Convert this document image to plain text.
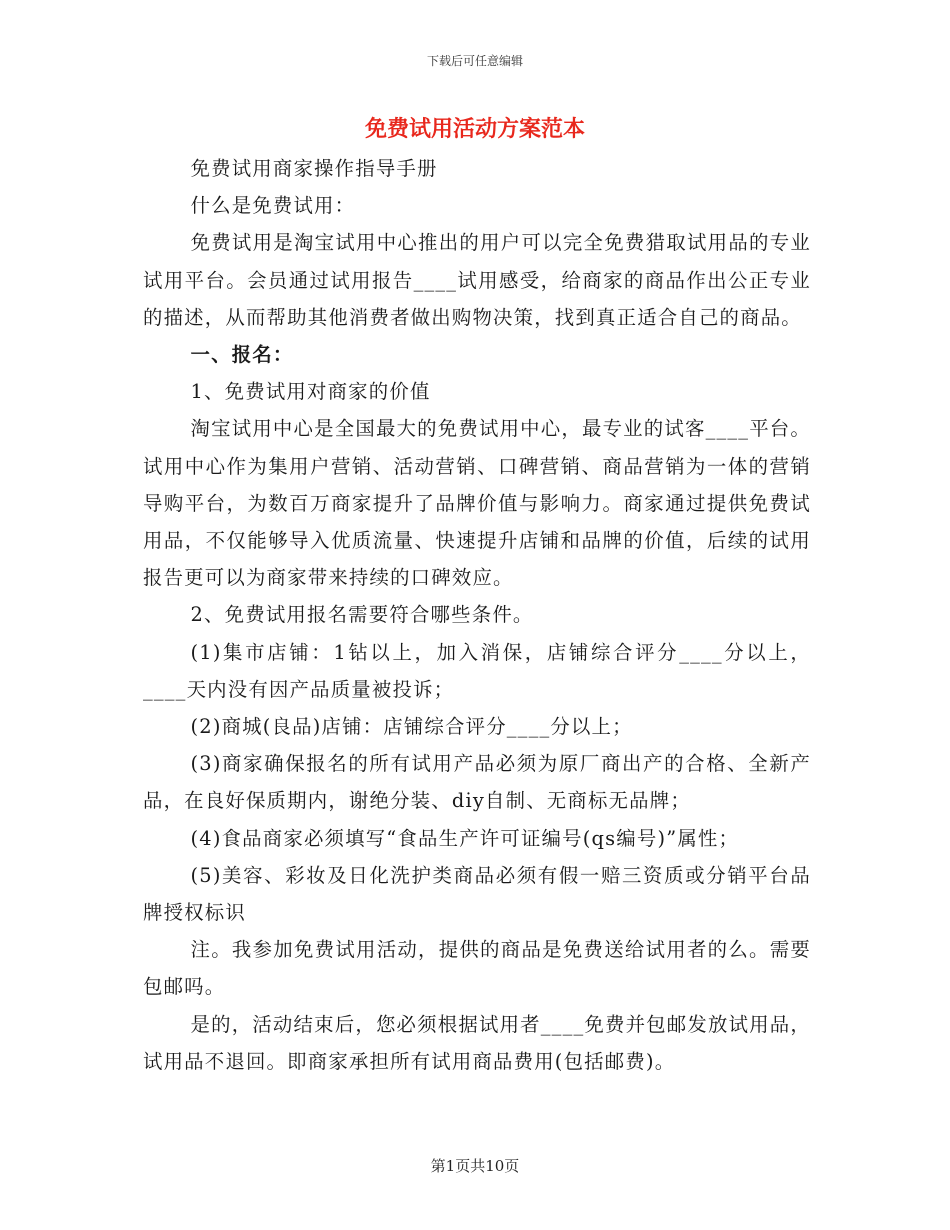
下载后可任意编辑
免费试用活动方案范本

免费试用商家操作指导手册

什么是免费试用：

免费试用是淘宝试用中心推出的用户可以完全免费猎取试用品的专业试用平台。会员通过试用报告____试用感受，给商家的商品作出公正专业的描述，从而帮助其他消费者做出购物决策，找到真正适合自己的商品。

一、报名：

1、免费试用对商家的价值

淘宝试用中心是全国最大的免费试用中心，最专业的试客____平台。试用中心作为集用户营销、活动营销、口碑营销、商品营销为一体的营销导购平台，为数百万商家提升了品牌价值与影响力。商家通过提供免费试用品，不仅能够导入优质流量、快速提升店铺和品牌的价值，后续的试用报告更可以为商家带来持续的口碑效应。

2、免费试用报名需要符合哪些条件。

(1)集市店铺：1钻以上，加入消保，店铺综合评分____分以上，____天内没有因产品质量被投诉；

(2)商城(良品)店铺：店铺综合评分____分以上；

(3)商家确保报名的所有试用产品必须为原厂商出产的合格、全新产品，在良好保质期内，谢绝分装、diy自制、无商标无品牌；

(4)食品商家必须填写“食品生产许可证编号(qs编号)”属性；

(5)美容、彩妆及日化洗护类商品必须有假一赔三资质或分销平台品牌授权标识

注。我参加免费试用活动，提供的商品是免费送给试用者的么。需要包邮吗。

是的，活动结束后，您必须根据试用者____免费并包邮发放试用品，试用品不退回。即商家承担所有试用商品费用(包括邮费)。

第1页共10页
